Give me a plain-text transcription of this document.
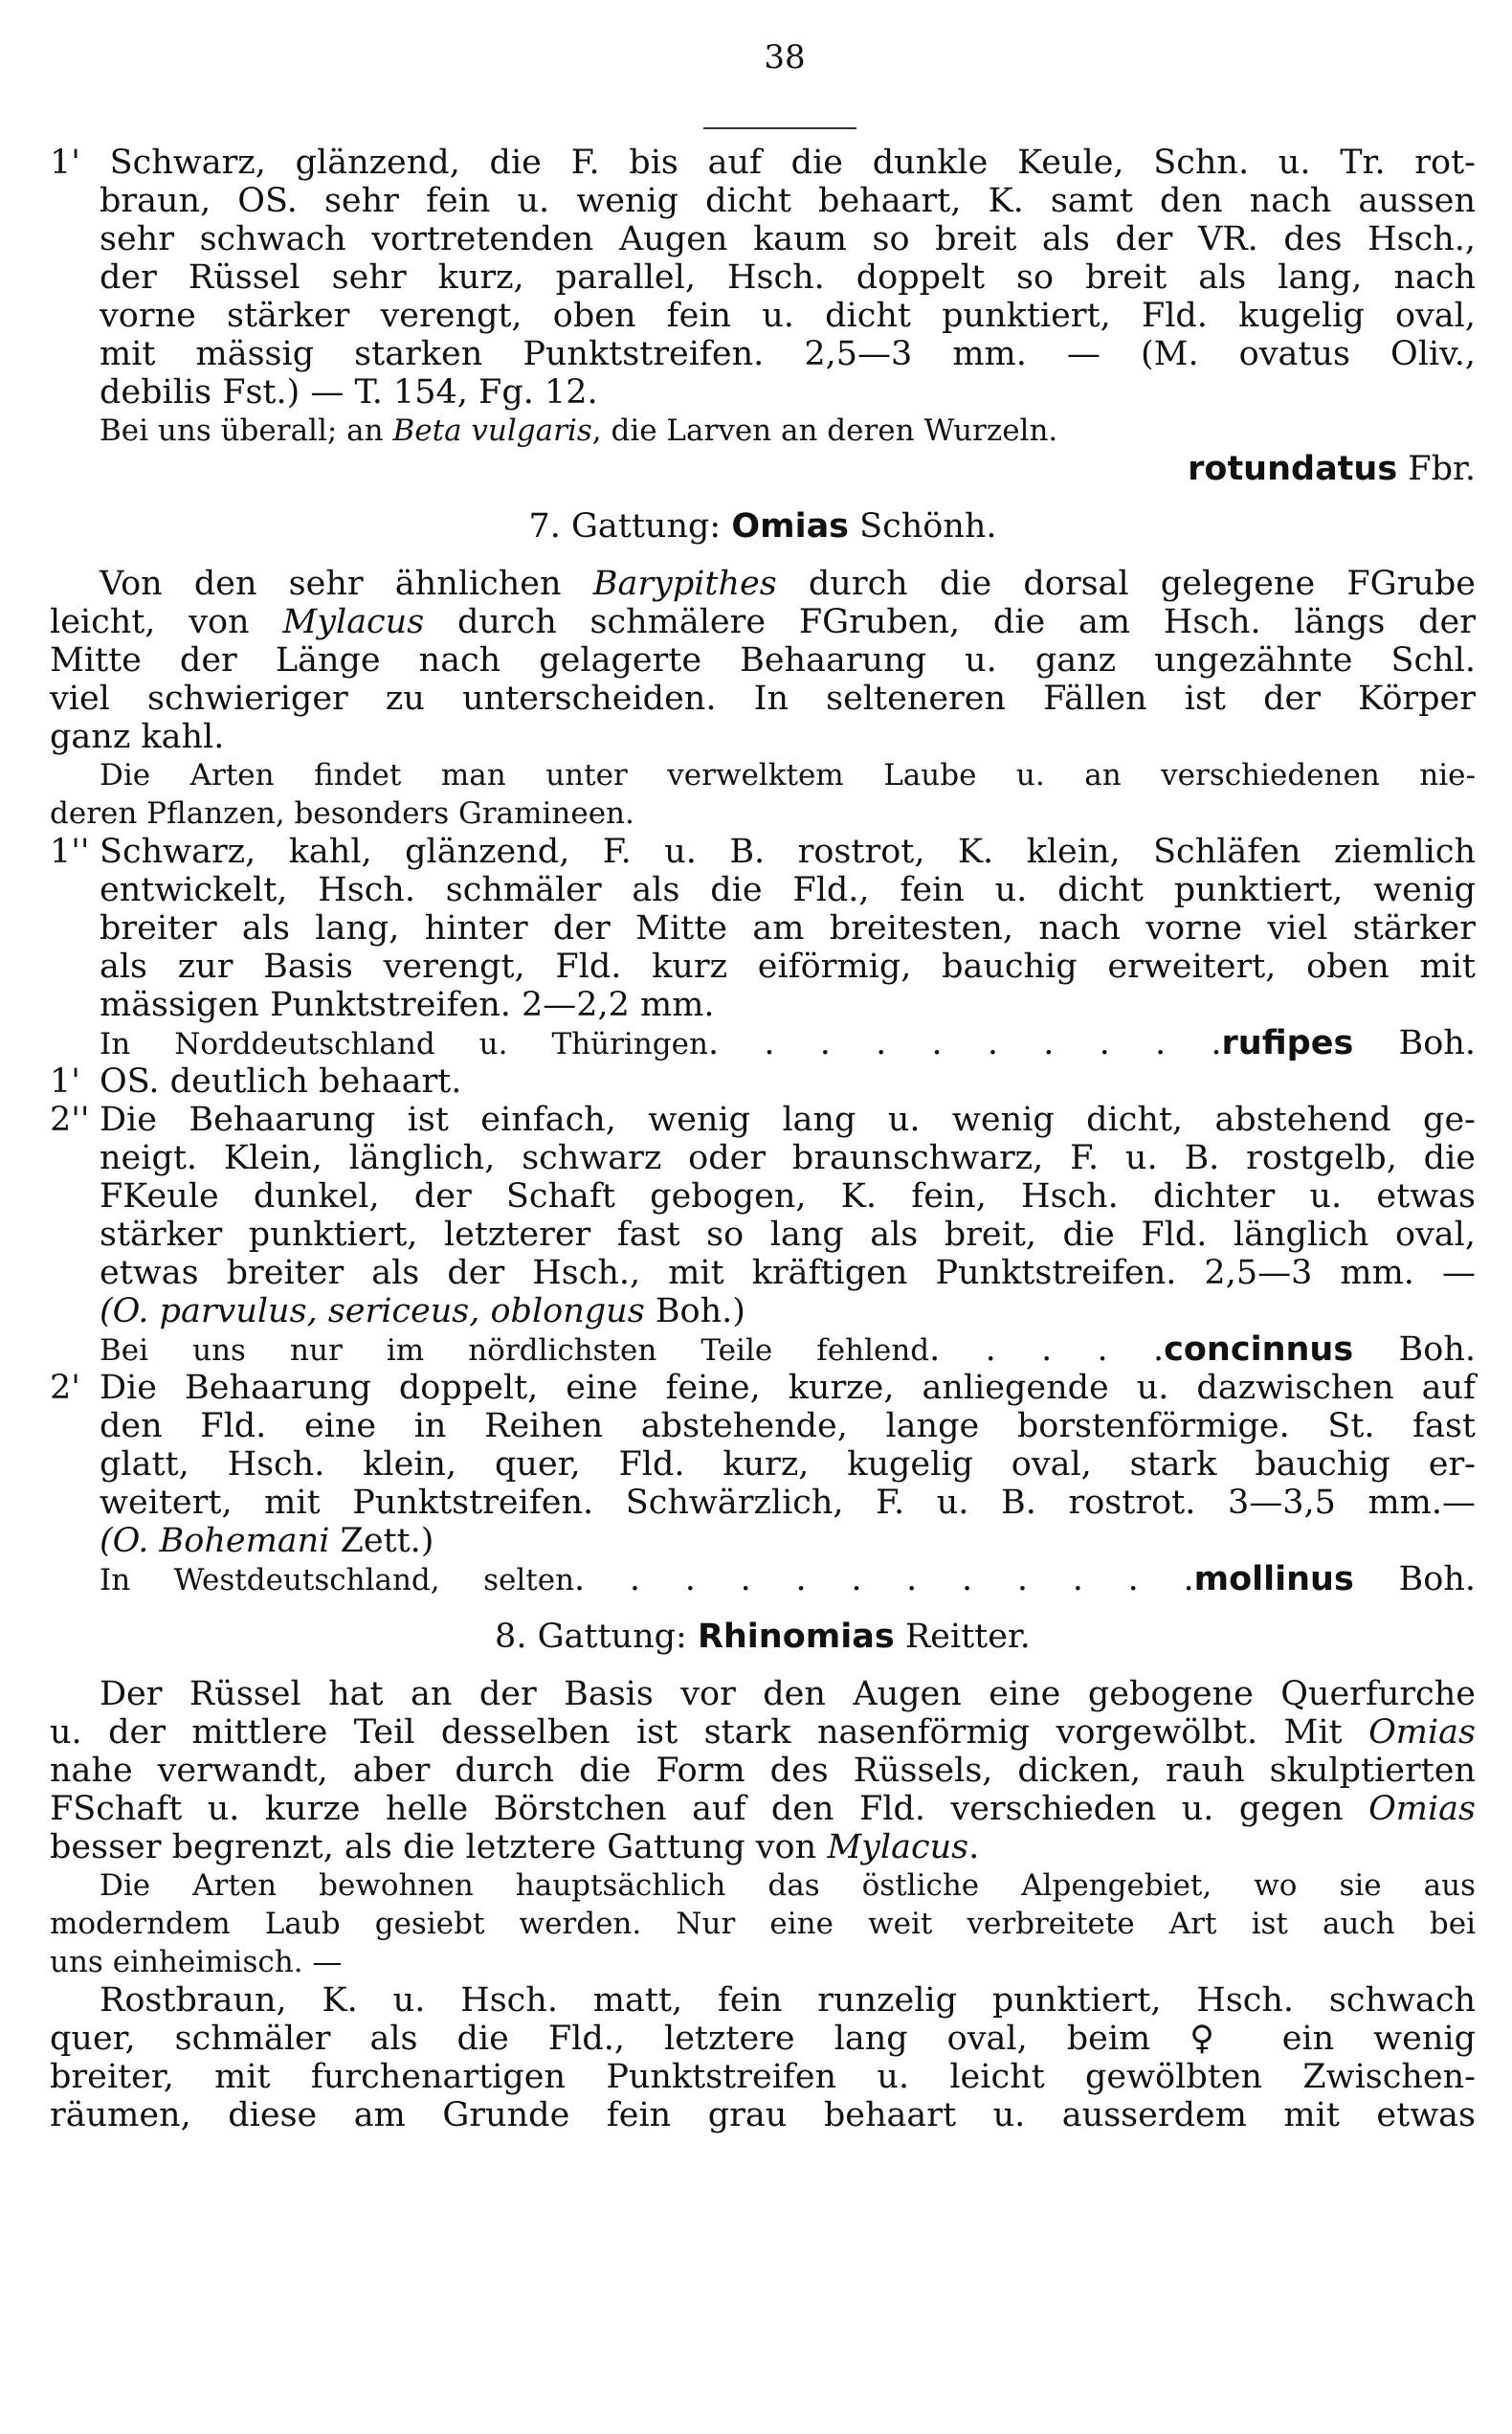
38
1' Schwarz, glänzend, die F. bis auf die dunkle Keule, Schn. u. Tr. rot-
braun, OS. sehr fein u. wenig dicht behaart, K. samt den nach aussen
sehr schwach vortretenden Augen kaum so breit als der VR. des Hsch.,
der Rüssel sehr kurz, parallel, Hsch. doppelt so breit als lang, nach
vorne stärker verengt, oben fein u. dicht punktiert, Fld. kugelig oval,
mit mässig starken Punktstreifen. 2,5—3 mm. — (M. ovatus Oliv.,
debilis Fst.) — T. 154, Fg. 12.
Bei uns überall; an Beta vulgaris, die Larven an deren Wurzeln.
rotundatus Fbr.
7. Gattung: Omias Schönh.
Von den sehr ähnlichen Barypithes durch die dorsal gelegene FGrube
leicht, von Mylacus durch schmälere FGruben, die am Hsch. längs der
Mitte der Länge nach gelagerte Behaarung u. ganz ungezähnte Schl.
viel schwieriger zu unterscheiden. In selteneren Fällen ist der Körper
ganz kahl.
Die Arten findet man unter verwelktem Laube u. an verschiedenen nie-
deren Pflanzen, besonders Gramineen.
1'' Schwarz, kahl, glänzend, F. u. B. rostrot, K. klein, Schläfen ziemlich
entwickelt, Hsch. schmäler als die Fld., fein u. dicht punktiert, wenig
breiter als lang, hinter der Mitte am breitesten, nach vorne viel stärker
als zur Basis verengt, Fld. kurz eiförmig, bauchig erweitert, oben mit
mässigen Punktstreifen. 2—2,2 mm.
In Norddeutschland u. Thüringen. . . . . . . . . .rufipes Boh.
1' OS. deutlich behaart.
2'' Die Behaarung ist einfach, wenig lang u. wenig dicht, abstehend ge-
neigt. Klein, länglich, schwarz oder braunschwarz, F. u. B. rostgelb, die
FKeule dunkel, der Schaft gebogen, K. fein, Hsch. dichter u. etwas
stärker punktiert, letzterer fast so lang als breit, die Fld. länglich oval,
etwas breiter als der Hsch., mit kräftigen Punktstreifen. 2,5—3 mm. —
(O. parvulus, sericeus, oblongus Boh.)
Bei uns nur im nördlichsten Teile fehlend. . . . .concinnus Boh.
2' Die Behaarung doppelt, eine feine, kurze, anliegende u. dazwischen auf
den Fld. eine in Reihen abstehende, lange borstenförmige. St. fast
glatt, Hsch. klein, quer, Fld. kurz, kugelig oval, stark bauchig er-
weitert, mit Punktstreifen. Schwärzlich, F. u. B. rostrot. 3—3,5 mm.—
(O. Bohemani Zett.)
In Westdeutschland, selten. . . . . . . . . . . .mollinus Boh.
8. Gattung: Rhinomias Reitter.
Der Rüssel hat an der Basis vor den Augen eine gebogene Querfurche
u. der mittlere Teil desselben ist stark nasenförmig vorgewölbt. Mit Omias
nahe verwandt, aber durch die Form des Rüssels, dicken, rauh skulptierten
FSchaft u. kurze helle Börstchen auf den Fld. verschieden u. gegen Omias
besser begrenzt, als die letztere Gattung von Mylacus.
Die Arten bewohnen hauptsächlich das östliche Alpengebiet, wo sie aus
moderndem Laub gesiebt werden. Nur eine weit verbreitete Art ist auch bei
uns einheimisch. —
Rostbraun, K. u. Hsch. matt, fein runzelig punktiert, Hsch. schwach
quer, schmäler als die Fld., letztere lang oval, beim ♀ ein wenig
breiter, mit furchenartigen Punktstreifen u. leicht gewölbten Zwischen-
räumen, diese am Grunde fein grau behaart u. ausserdem mit etwas
